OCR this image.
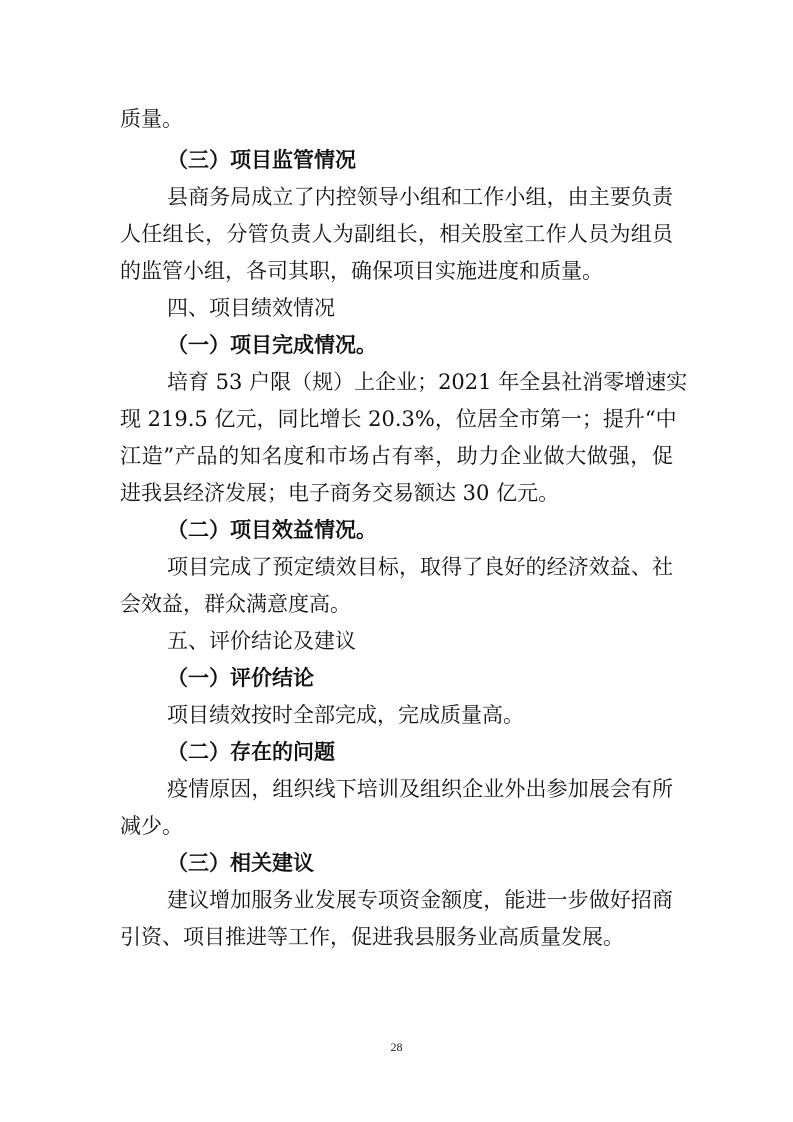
质量。
（三）项目监管情况
县商务局成立了内控领导小组和工作小组，由主要负责
人任组长，分管负责人为副组长，相关股室工作人员为组员
的监管小组，各司其职，确保项目实施进度和质量。
四、项目绩效情况
（一）项目完成情况。
培育 53 户限（规）上企业；2021 年全县社消零增速实
现 219.5 亿元，同比增长 20.3%，位居全市第一；提升“中
江造”产品的知名度和市场占有率，助力企业做大做强，促
进我县经济发展；电子商务交易额达 30 亿元。
（二）项目效益情况。
项目完成了预定绩效目标，取得了良好的经济效益、社
会效益，群众满意度高。
五、评价结论及建议
（一）评价结论
项目绩效按时全部完成，完成质量高。
（二）存在的问题
疫情原因，组织线下培训及组织企业外出参加展会有所
减少。
（三）相关建议
建议增加服务业发展专项资金额度，能进一步做好招商
引资、项目推进等工作，促进我县服务业高质量发展。
28
